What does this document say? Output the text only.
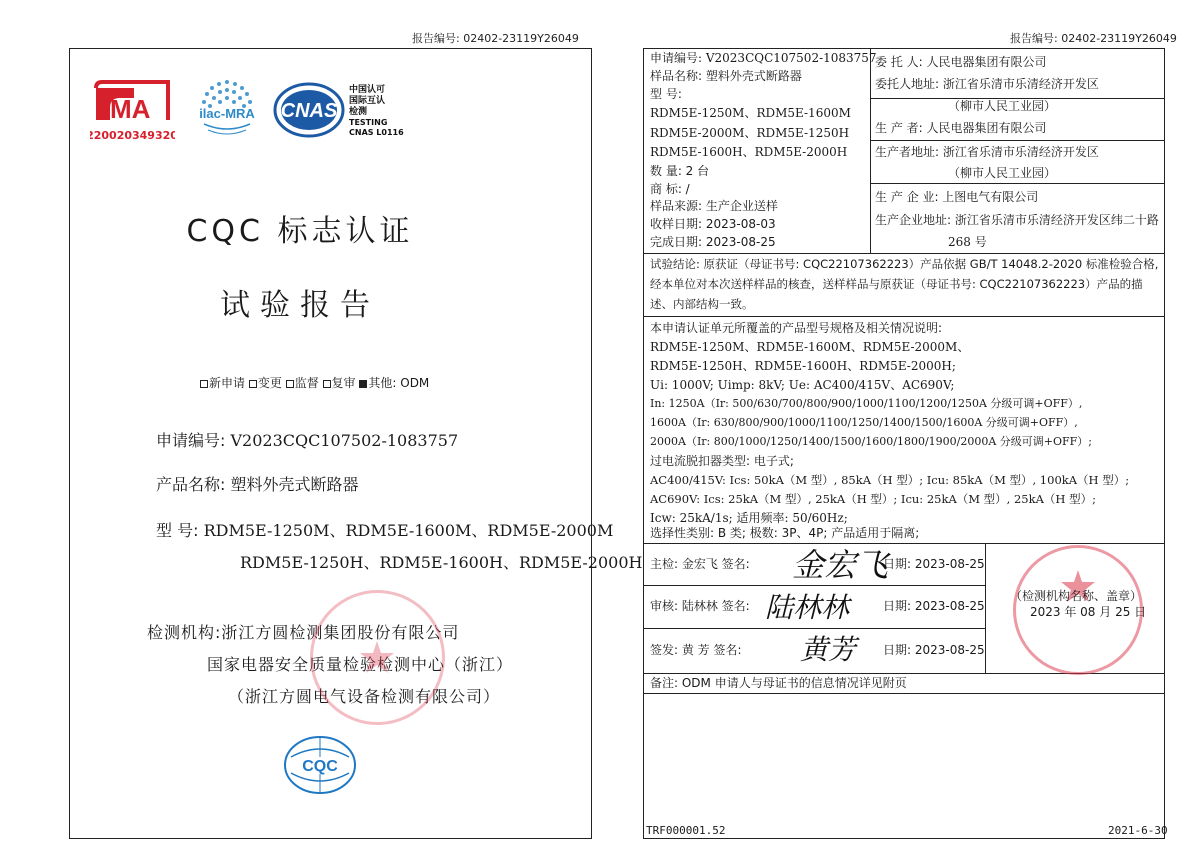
报告编号: 02402-23119Y26049
MA
220020349320
ilac-MRA CNAS
中国认可
国际互认
检测
TESTING
CNAS L0116
CQC 标志认证
试验报告
新申请 变更 监督 复审 其他: ODM
申请编号: V2023CQC107502-1083757
产品名称: 塑料外壳式断路器
型 号: RDM5E-1250M、RDM5E-1600M、RDM5E-2000M
RDM5E-1250H、RDM5E-1600H、RDM5E-2000H
检测机构:浙江方圆检测集团股份有限公司
国家电器安全质量检验检测中心（浙江）
（浙江方圆电气设备检测有限公司）
CQC
报告编号: 02402-23119Y26049
申请编号: V2023CQC107502-1083757
样品名称: 塑料外壳式断路器
型 号:
RDM5E-1250M、RDM5E-1600M
RDM5E-2000M、RDM5E-1250H
RDM5E-1600H、RDM5E-2000H
数 量: 2 台
商 标: /
样品来源: 生产企业送样
收样日期: 2023-08-03
完成日期: 2023-08-25
委 托 人: 人民电器集团有限公司
委托人地址: 浙江省乐清市乐清经济开发区
（柳市人民工业园）
生 产 者: 人民电器集团有限公司
生产者地址: 浙江省乐清市乐清经济开发区
（柳市人民工业园）
生 产 企 业: 上图电气有限公司
生产企业地址: 浙江省乐清市乐清经济开发区纬二十路
268 号
试验结论: 原获证（母证书号: CQC22107362223）产品依据 GB/T 14048.2-2020 标准检验合格,
经本单位对本次送样样品的核查，送样样品与原获证（母证书号: CQC22107362223）产品的描
述、内部结构一致。
本申请认证单元所覆盖的产品型号规格及相关情况说明:
RDM5E-1250M、RDM5E-1600M、RDM5E-2000M、
RDM5E-1250H、RDM5E-1600H、RDM5E-2000H;
Ui: 1000V; Uimp: 8kV; Ue: AC400/415V、AC690V;
In: 1250A（Ir: 500/630/700/800/900/1000/1100/1200/1250A 分级可调+OFF）,
1600A（Ir: 630/800/900/1000/1100/1250/1400/1500/1600A 分级可调+OFF）,
2000A（Ir: 800/1000/1250/1400/1500/1600/1800/1900/2000A 分级可调+OFF）;
过电流脱扣器类型: 电子式;
AC400/415V: Ics: 50kA（M 型）, 85kA（H 型）; Icu: 85kA（M 型）, 100kA（H 型）;
AC690V: Ics: 25kA（M 型）, 25kA（H 型）; Icu: 25kA（M 型）, 25kA（H 型）;
Icw: 25kA/1s; 适用频率: 50/60Hz;
选择性类别: B 类; 极数: 3P、4P; 产品适用于隔离;
主检: 金宏飞 签名: 金宏飞
日期: 2023-08-25
审核: 陆林林 签名: 陆林林	日期: 2023-08-25
签发: 黄 芳 签名: 黄芳 日期: 2023-08-25
（检测机构名称、盖章）
2023 年 08 月 25 日
备注: ODM 申请人与母证书的信息情况详见附页
TRF000001.52	2021-6-30
